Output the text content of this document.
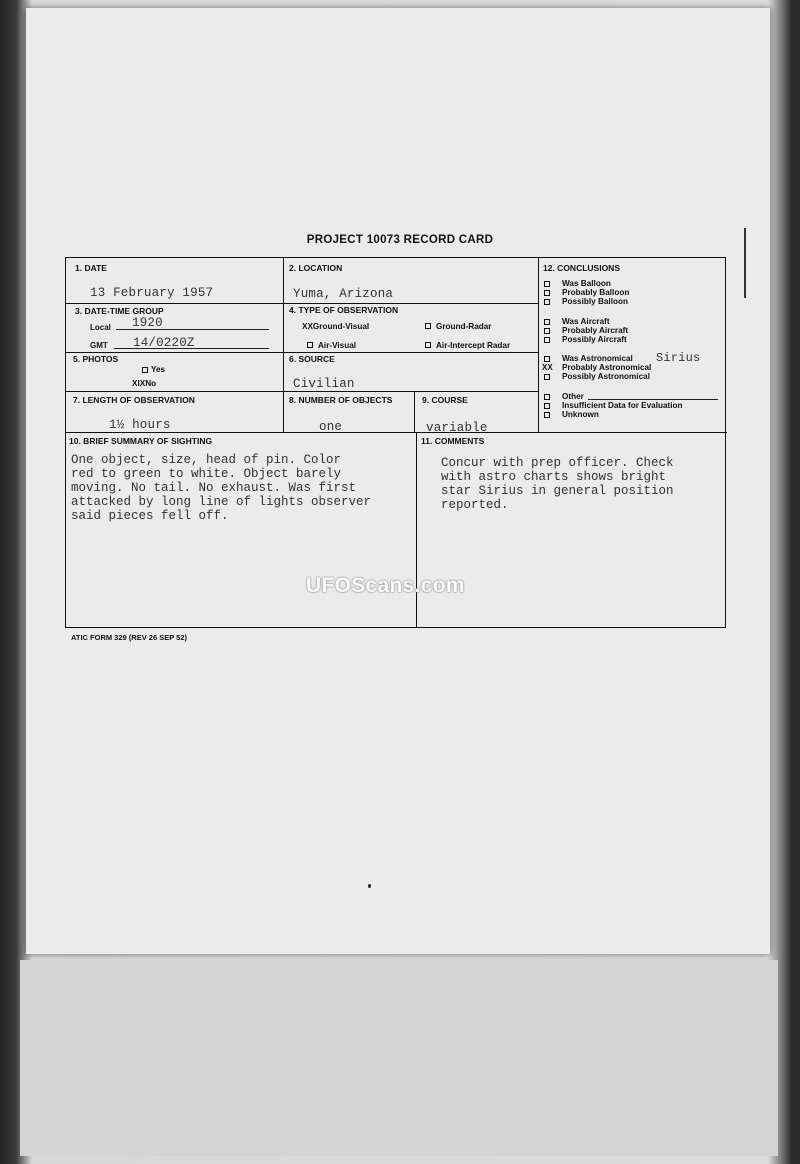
PROJECT 10073 RECORD CARD
1. DATE
13 February 1957
2. LOCATION
Yuma, Arizona
3. DATE-TIME GROUP
Local 1920
GMT 14/0220Z
4. TYPE OF OBSERVATION
XXGround-Visual	Ground-Radar
Air-Visual	Air-Intercept Radar
5. PHOTOS
Yes
XIXNo
6. SOURCE
Civilian
7. LENGTH OF OBSERVATION
1½ hours
8. NUMBER OF OBJECTS
one
9. COURSE
variable
12. CONCLUSIONS
Was Balloon
Probably Balloon
Possibly Balloon
Was Aircraft
Probably Aircraft
Possibly Aircraft
Was Astronomical Sirius
XX Probably Astronomical
Possibly Astronomical
Other
Insufficient Data for Evaluation
Unknown
10. BRIEF SUMMARY OF SIGHTING
One object, size, head of pin. Color
red to green to white. Object barely
moving. No tail. No exhaust. Was first
attacked by long line of lights observer
said pieces fell off.
11. COMMENTS
Concur with prep officer. Check
with astro charts shows bright
star Sirius in general position
reported.
UFOScans.com
ATIC FORM 329 (REV 26 SEP 52)
